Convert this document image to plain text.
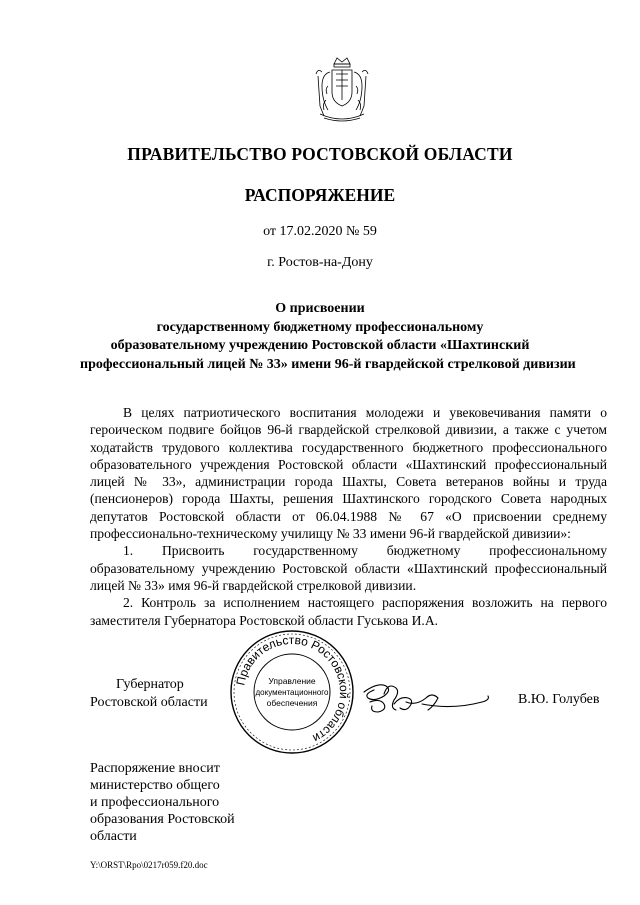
ПРАВИТЕЛЬСТВО РОСТОВСКОЙ ОБЛАСТИ
РАСПОРЯЖЕНИЕ
от 17.02.2020 № 59
г. Ростов-на-Дону
О присвоении
государственному бюджетному профессиональному
образовательному учреждению Ростовской области «Шахтинский
профессиональный лицей № 33» имени 96-й гвардейской стрелковой дивизии

В целях патриотического воспитания молодежи и увековечивания памяти о героическом подвиге бойцов 96-й гвардейской стрелковой дивизии, а также с учетом ходатайств трудового коллектива государственного бюджетного профессионального образовательного учреждения Ростовской области «Шахтинский профессиональный лицей № 33», администрации города Шахты, Совета ветеранов войны и труда (пенсионеров) города Шахты, решения Шахтинского городского Совета народных депутатов Ростовской области от 06.04.1988 № 67 «О присвоении среднему профессионально-техническому училищу № 33 имени 96-й гвардейской дивизии»:

1. Присвоить государственному бюджетному профессиональному образовательному учреждению Ростовской области «Шахтинский профессиональный лицей № 33» имя 96-й гвардейской стрелковой дивизии.

2. Контроль за исполнением настоящего распоряжения возложить на первого заместителя Губернатора Ростовской области Гуськова И.А.

Губернатор
Ростовской области
Правительство Ростовской области
Управление
документационного
обеспечения	В.Ю. Голубев
Распоряжение вносит
министерство общего
и профессионального
образования Ростовской
области
Y:\ORST\Rpo\0217r059.f20.doc
